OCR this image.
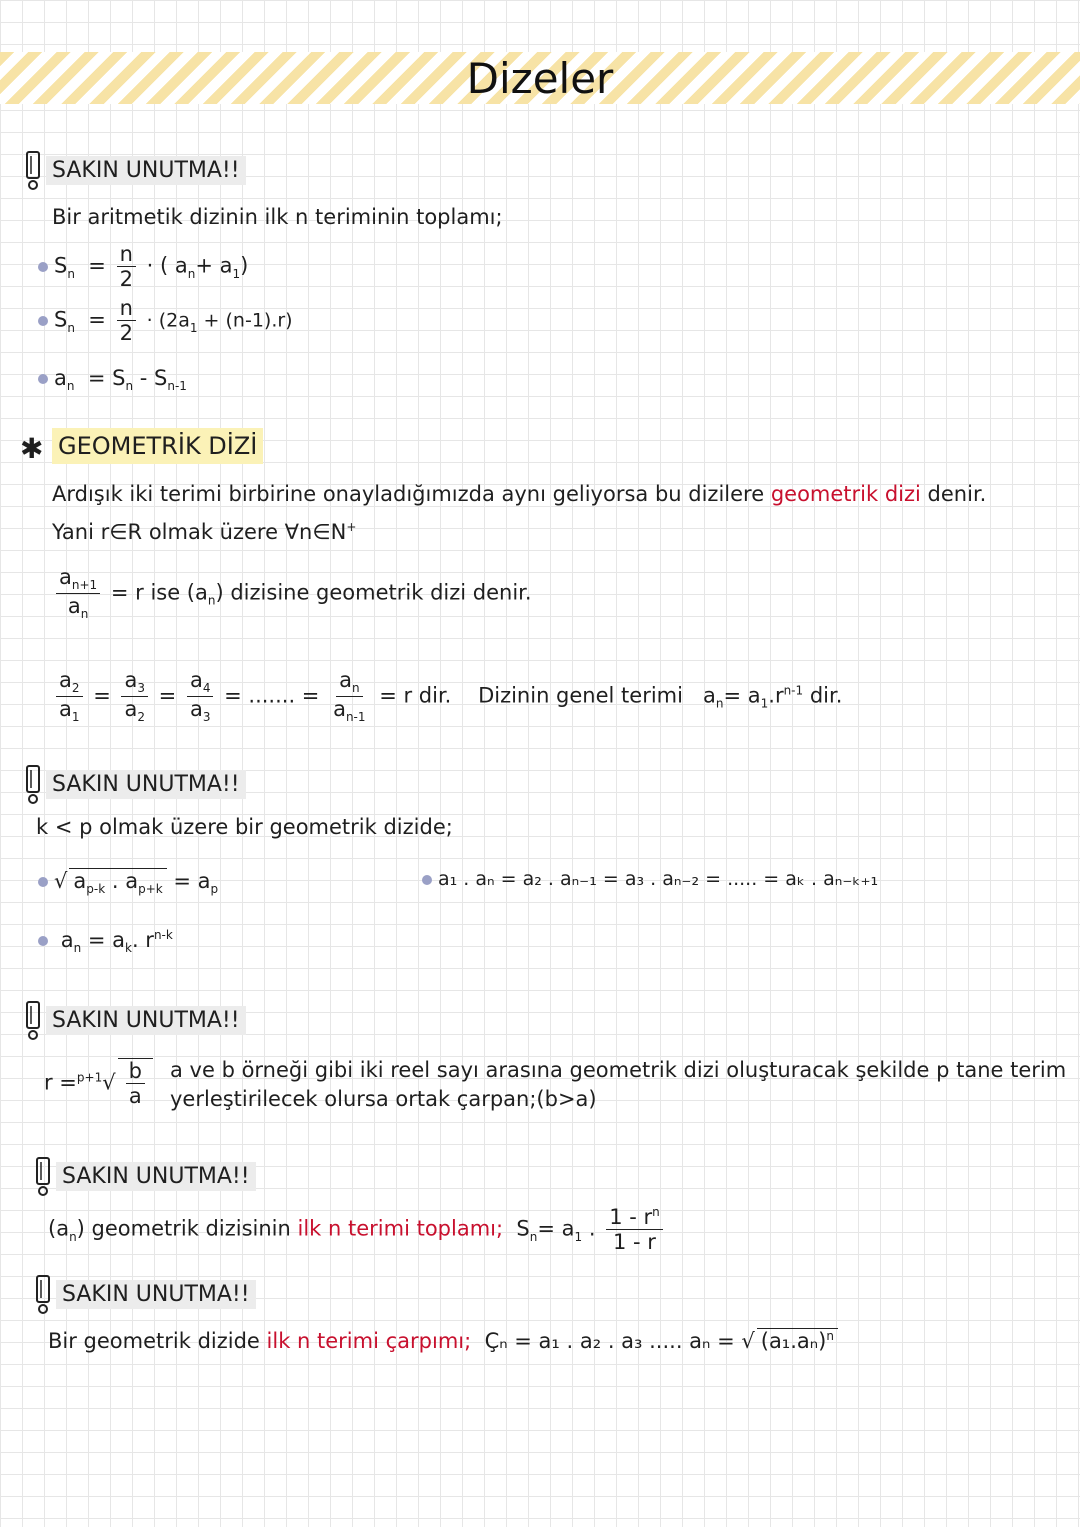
Dizeler
SAKIN UNUTMA!!
Bir aritmetik dizinin ilk n teriminin toplamı;
$S_n = \frac{n}{2}$ · ( $a_n+ a_1$)
$S_n = \frac{n}{2} \cdot (2a_1 + (n-1).r)$
$a_n = S_n - S_{n-1}$
✱ GEOMETRİK DİZİ
Ardışık iki terimi birbirine onayladığımızda aynı geliyorsa bu dizilere geometrik dizi denir.
Yani r∈R olmak üzere ∀n∈N+
$\frac{a_{n+1}}{a_n} = r$ ise $(a_n)$ dizisine geometrik dizi denir.
$\frac{a_2}{a_1} = \frac{a_3}{a_2} = \frac{a_4}{a_3}$ = ....... = $\frac{a_n}{a_{n-1}} = r$ dir. Dizinin genel terimi $a_n= a_1.r^{n-1}$ dir.
SAKIN UNUTMA!!
k < p olmak üzere bir geometrik dizide;
√ $a_{p-k}$ . $a_{p+k} = a_p$	a₁ . aₙ = a₂ . aₙ₋₁ = a₃ . aₙ₋₂ = ..... = aₖ . aₙ₋ₖ₊₁
$a_n = a_k$. $r^{n-k}$
SAKIN UNUTMA!!
$r =^{p+1}√ \frac{b}{a}$ a ve b örneği gibi iki reel sayı arasına geometrik dizi oluşturacak şekilde p tane terim
yerleştirilecek olursa ortak çarpan;(b>a)
SAKIN UNUTMA!!
$(a_n)$ geometrik dizisinin ilk n terimi toplamı; $S_n= a_1$ . $\frac{1 - r^n}{1 - r}$
SAKIN UNUTMA!!
Bir geometrik dizide ilk n terimi çarpımı; Çₙ = a₁ . a₂ . a₃ ..... aₙ = √ $(a_1.a_n)^n$
